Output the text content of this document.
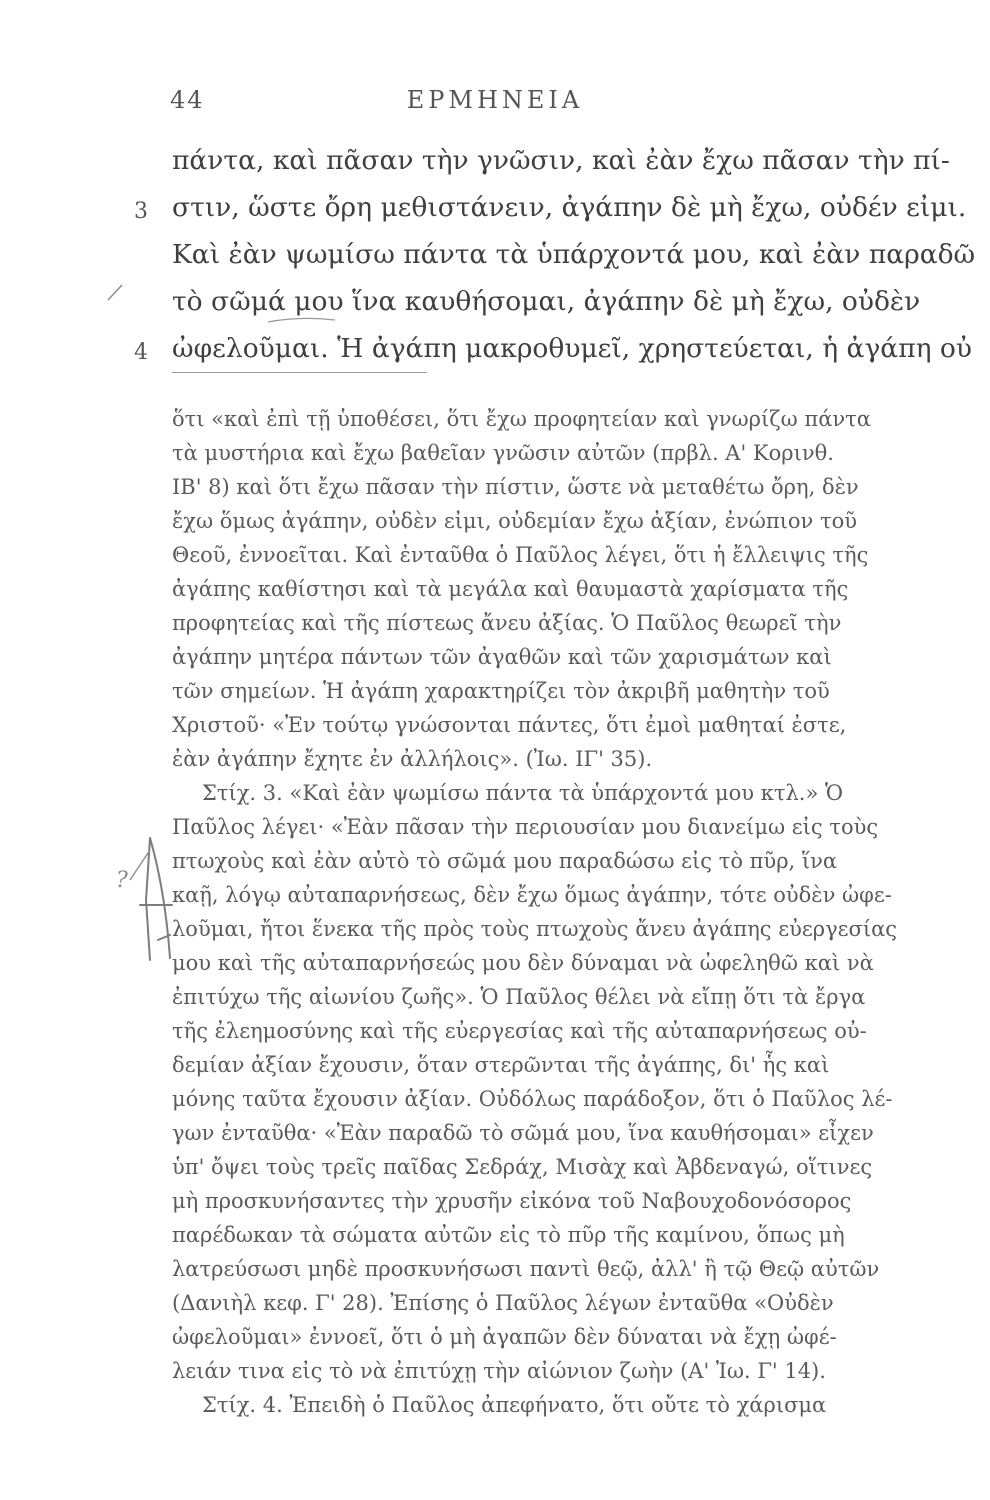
44	ΕΡΜΗΝΕΙΑ
πάντα, καὶ πᾶσαν τὴν γνῶσιν, καὶ ἐὰν ἔχω πᾶσαν τὴν πί-
στιν, ὥστε ὄρη μεθιστάνειν, ἀγάπην δὲ μὴ ἔχω, οὐδέν εἰμι.
Καὶ ἐὰν ψωμίσω πάντα τὰ ὑπάρχοντά μου, καὶ ἐὰν παραδῶ
τὸ σῶμά μου ἵνα καυθήσομαι, ἀγάπην δὲ μὴ ἔχω, οὐδὲν
ὠφελοῦμαι. Ἡ ἀγάπη μακροθυμεῖ, χρηστεύεται, ἡ ἀγάπη οὐ
3
4
ὅτι «καὶ ἐπὶ τῇ ὑποθέσει, ὅτι ἔχω προφητείαν καὶ γνωρίζω πάντα
τὰ μυστήρια καὶ ἔχω βαθεῖαν γνῶσιν αὐτῶν (πρβλ. Α' Κορινθ.
ΙΒ' 8) καὶ ὅτι ἔχω πᾶσαν τὴν πίστιν, ὥστε νὰ μεταθέτω ὄρη, δὲν
ἔχω ὅμως ἀγάπην, οὐδὲν εἰμι, οὐδεμίαν ἔχω ἀξίαν, ἐνώπιον τοῦ
Θεοῦ, ἐννοεῖται. Καὶ ἐνταῦθα ὁ Παῦλος λέγει, ὅτι ἡ ἔλλειψις τῆς
ἀγάπης καθίστησι καὶ τὰ μεγάλα καὶ θαυμαστὰ χαρίσματα τῆς
προφητείας καὶ τῆς πίστεως ἄνευ ἀξίας. Ὁ Παῦλος θεωρεῖ τὴν
ἀγάπην μητέρα πάντων τῶν ἀγαθῶν καὶ τῶν χαρισμάτων καὶ
τῶν σημείων. Ἡ ἀγάπη χαρακτηρίζει τὸν ἀκριβῆ μαθητὴν τοῦ
Χριστοῦ· «Ἐν τούτῳ γνώσονται πάντες, ὅτι ἐμοὶ μαθηταί ἐστε,
ἐὰν ἀγάπην ἔχητε ἐν ἀλλήλοις». (Ἰω. ΙΓ' 35).
Στίχ. 3. «Καὶ ἐὰν ψωμίσω πάντα τὰ ὑπάρχοντά μου κτλ.» Ὁ
Παῦλος λέγει· «Ἐὰν πᾶσαν τὴν περιουσίαν μου διανείμω εἰς τοὺς
πτωχοὺς καὶ ἐὰν αὐτὸ τὸ σῶμά μου παραδώσω εἰς τὸ πῦρ, ἵνα
καῇ, λόγῳ αὐταπαρνήσεως, δὲν ἔχω ὅμως ἀγάπην, τότε οὐδὲν ὠφε-
λοῦμαι, ἤτοι ἕνεκα τῆς πρὸς τοὺς πτωχοὺς ἄνευ ἀγάπης εὐεργεσίας
μου καὶ τῆς αὐταπαρνήσεώς μου δὲν δύναμαι νὰ ὠφεληθῶ καὶ νὰ
ἐπιτύχω τῆς αἰωνίου ζωῆς». Ὁ Παῦλος θέλει νὰ εἴπῃ ὅτι τὰ ἔργα
τῆς ἐλεημοσύνης καὶ τῆς εὐεργεσίας καὶ τῆς αὐταπαρνήσεως οὐ-
δεμίαν ἀξίαν ἔχουσιν, ὅταν στερῶνται τῆς ἀγάπης, δι' ἧς καὶ
μόνης ταῦτα ἔχουσιν ἀξίαν. Οὐδόλως παράδοξον, ὅτι ὁ Παῦλος λέ-
γων ἐνταῦθα· «Ἐὰν παραδῶ τὸ σῶμά μου, ἵνα καυθήσομαι» εἶχεν
ὑπ' ὄψει τοὺς τρεῖς παῖδας Σεδράχ, Μισὰχ καὶ Ἀβδεναγώ, οἵτινες
μὴ προσκυνήσαντες τὴν χρυσῆν εἰκόνα τοῦ Ναβουχοδονόσορος
παρέδωκαν τὰ σώματα αὐτῶν εἰς τὸ πῦρ τῆς καμίνου, ὅπως μὴ
λατρεύσωσι μηδὲ προσκυνήσωσι παντὶ θεῷ, ἀλλ' ἢ τῷ Θεῷ αὐτῶν
(Δανιὴλ κεφ. Γ' 28). Ἐπίσης ὁ Παῦλος λέγων ἐνταῦθα «Οὐδὲν
ὠφελοῦμαι» ἐννοεῖ, ὅτι ὁ μὴ ἀγαπῶν δὲν δύναται νὰ ἔχῃ ὠφέ-
λειάν τινα εἰς τὸ νὰ ἐπιτύχῃ τὴν αἰώνιον ζωὴν (Α' Ἰω. Γ' 14).
Στίχ. 4. Ἐπειδὴ ὁ Παῦλος ἀπεφήνατο, ὅτι οὔτε τὸ χάρισμα
?
